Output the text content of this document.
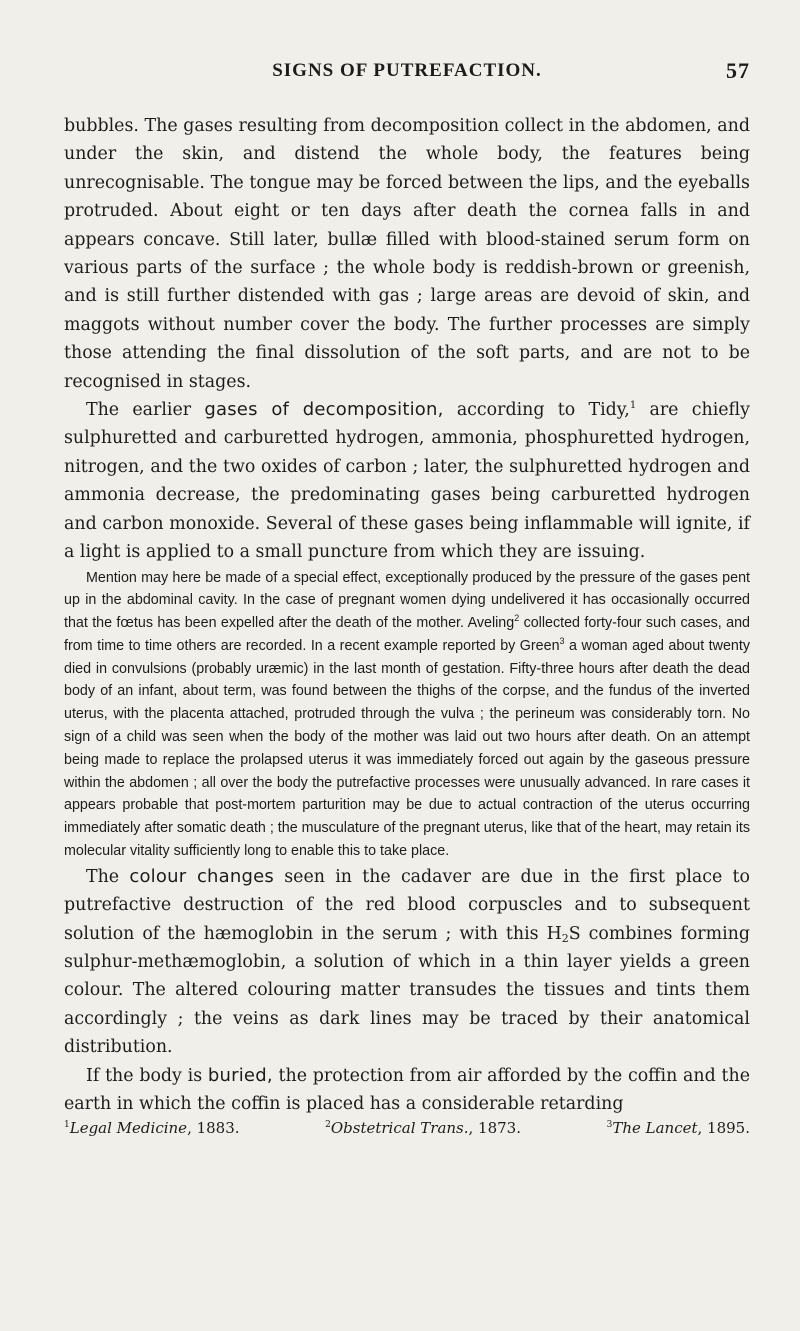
SIGNS OF PUTREFACTION.	57

bubbles. The gases resulting from decomposition collect in the abdomen, and under the skin, and distend the whole body, the features being unrecognisable. The tongue may be forced between the lips, and the eyeballs protruded. About eight or ten days after death the cornea falls in and appears concave. Still later, bullæ filled with blood-stained serum form on various parts of the surface ; the whole body is reddish-brown or greenish, and is still further distended with gas ; large areas are devoid of skin, and maggots without number cover the body. The further processes are simply those attending the final dissolution of the soft parts, and are not to be recognised in stages.

The earlier gases of decomposition, according to Tidy,$^1$ are chiefly sulphuretted and carburetted hydrogen, ammonia, phosphuretted hydrogen, nitrogen, and the two oxides of carbon ; later, the sulphuretted hydrogen and ammonia decrease, the predominating gases being carburetted hydrogen and carbon monoxide. Several of these gases being inflammable will ignite, if a light is applied to a small puncture from which they are issuing.

Mention may here be made of a special effect, exceptionally produced by the pressure of the gases pent up in the abdominal cavity. In the case of pregnant women dying undelivered it has occasionally occurred that the fœtus has been expelled after the death of the mother. Aveling$^2$ collected forty-four such cases, and from time to time others are recorded. In a recent example reported by Green$^3$ a woman aged about twenty died in convulsions (probably uræmic) in the last month of gestation. Fifty-three hours after death the dead body of an infant, about term, was found between the thighs of the corpse, and the fundus of the inverted uterus, with the placenta attached, protruded through the vulva ; the perineum was considerably torn. No sign of a child was seen when the body of the mother was laid out two hours after death. On an attempt being made to replace the prolapsed uterus it was immediately forced out again by the gaseous pressure within the abdomen ; all over the body the putrefactive processes were unusually advanced. In rare cases it appears probable that post-mortem parturition may be due to actual contraction of the uterus occurring immediately after somatic death ; the musculature of the pregnant uterus, like that of the heart, may retain its molecular vitality sufficiently long to enable this to take place.

The colour changes seen in the cadaver are due in the first place to putrefactive destruction of the red blood corpuscles and to subsequent solution of the hæmoglobin in the serum ; with this $H_2S$ combines forming sulphur-methæmoglobin, a solution of which in a thin layer yields a green colour. The altered colouring matter transudes the tissues and tints them accordingly ; the veins as dark lines may be traced by their anatomical distribution.

If the body is buried, the protection from air afforded by the coffin and the earth in which the coffin is placed has a considerable retarding

$^1$Legal Medicine, 1883.	$^2$Obstetrical Trans., 1873.	$^3$The Lancet, 1895.
